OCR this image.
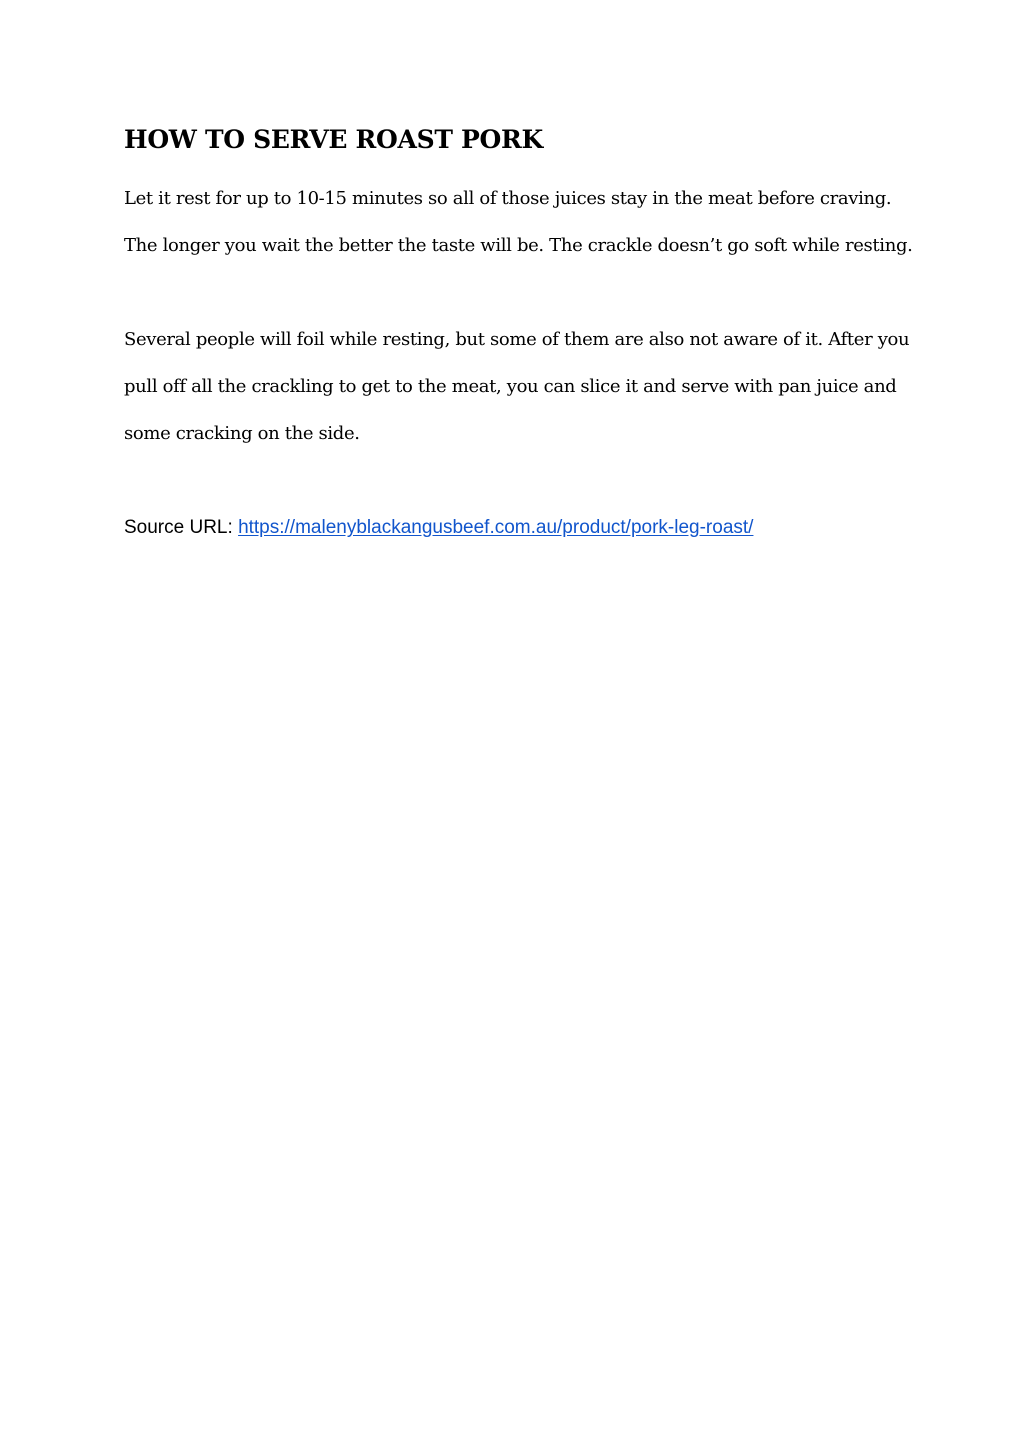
HOW TO SERVE ROAST PORK

Let it rest for up to 10-15 minutes so all of those juices stay in the meat before craving. The longer you wait the better the taste will be. The crackle doesn’t go soft while resting.

Several people will foil while resting, but some of them are also not aware of it. After you pull off all the crackling to get to the meat, you can slice it and serve with pan juice and some cracking on the side.

Source URL: https://malenyblackangusbeef.com.au/product/pork-leg-roast/
